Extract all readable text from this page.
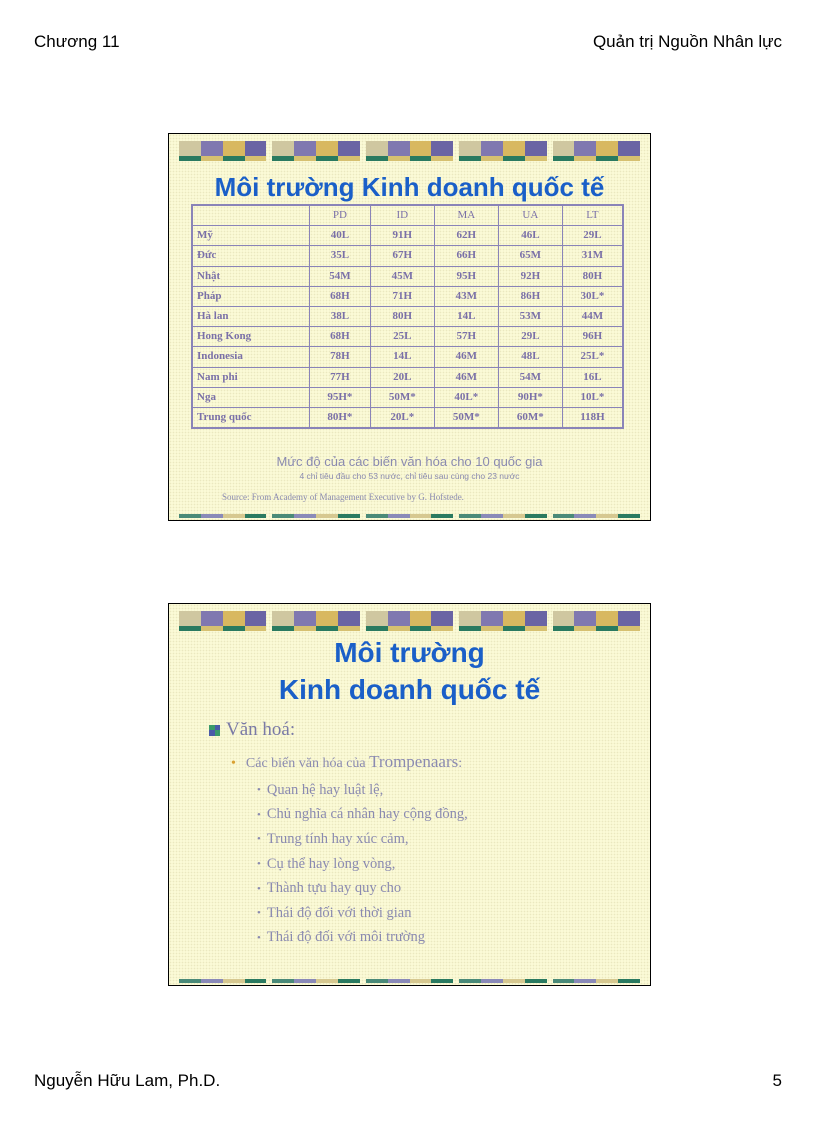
Chương 11	Quản trị Nguồn Nhân lực
Môi trường Kinh doanh quốc tế
	PD	ID	MA	UA	LT
Mỹ	40L	91H	62H	46L	29L
Đức	35L	67H	66H	65M	31M
Nhật	54M	45M	95H	92H	80H
Pháp	68H	71H	43M	86H	30L*
Hà lan	38L	80H	14L	53M	44M
Hong Kong	68H	25L	57H	29L	96H
Indonesia	78H	14L	46M	48L	25L*
Nam phi	77H	20L	46M	54M	16L
Nga	95H*	50M*	40L*	90H*	10L*
Trung quốc	80H*	20L*	50M*	60M*	118H
Mức độ của các biến văn hóa cho 10 quốc gia
4 chỉ tiêu đầu cho 53 nước, chỉ tiêu sau cùng cho 23 nước
Source: From Academy of Management Executive by G. Hofstede.
Môi trường
Kinh doanh quốc tế
Văn hoá:
• Các biến văn hóa của Trompenaars:
• Quan hệ hay luật lệ,
• Chủ nghĩa cá nhân hay cộng đồng,
• Trung tính hay xúc cảm,
• Cụ thể hay lòng vòng,
• Thành tựu hay quy cho
• Thái độ đối với thời gian
• Thái độ đối với môi trường
Nguyễn Hữu Lam, Ph.D.	5
